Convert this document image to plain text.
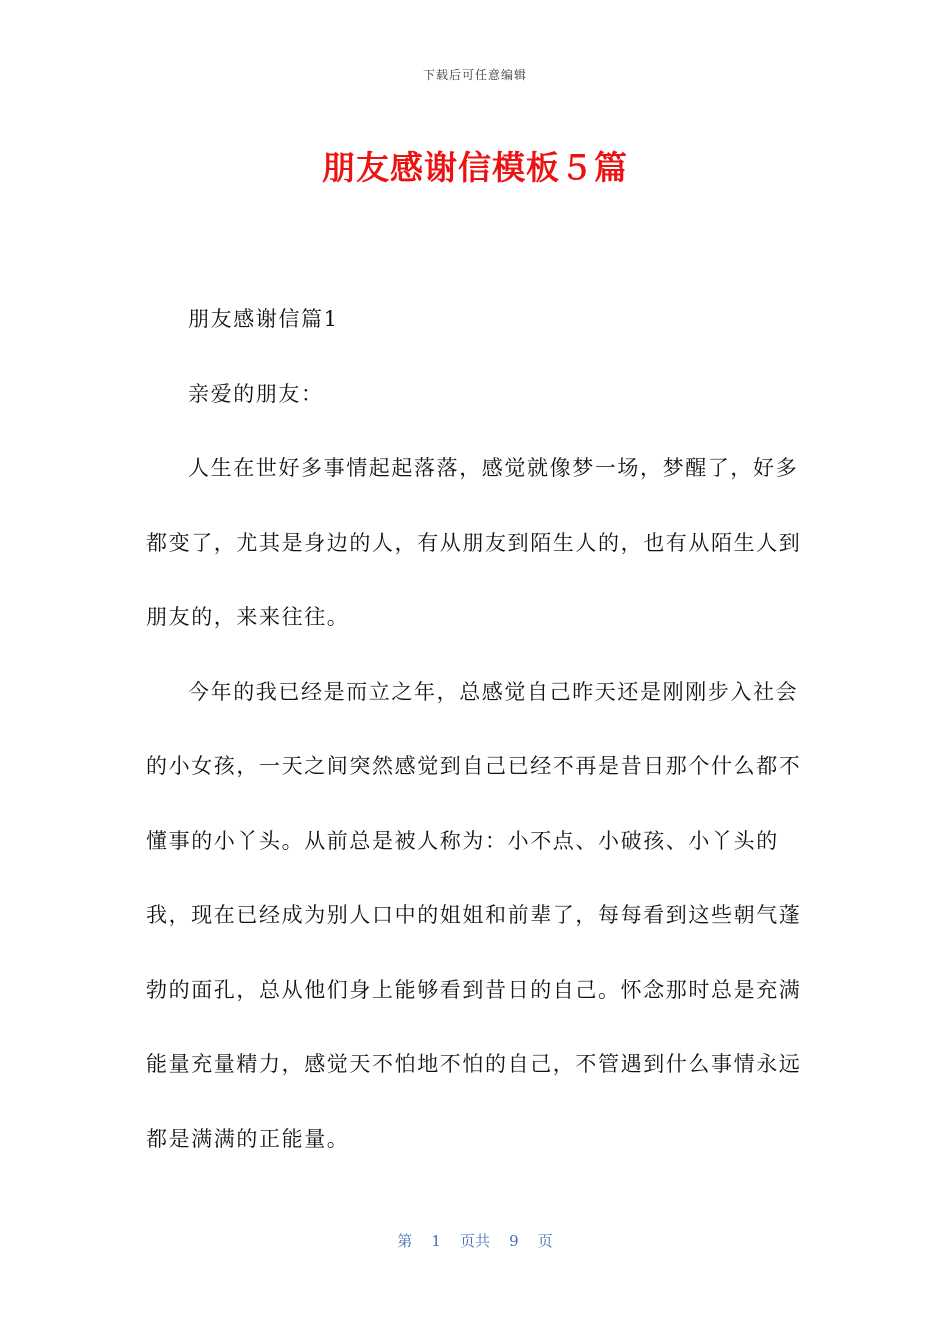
下载后可任意编辑
朋友感谢信模板５篇

朋友感谢信篇1

亲爱的朋友：

人生在世好多事情起起落落，感觉就像梦一场，梦醒了，好多都变了，尤其是身边的人，有从朋友到陌生人的，也有从陌生人到朋友的，来来往往。

今年的我已经是而立之年，总感觉自己昨天还是刚刚步入社会的小女孩，一天之间突然感觉到自己已经不再是昔日那个什么都不懂事的小丫头。从前总是被人称为：小不点、小破孩、小丫头的我，现在已经成为别人口中的姐姐和前辈了，每每看到这些朝气蓬勃的面孔，总从他们身上能够看到昔日的自己。怀念那时总是充满能量充量精力，感觉天不怕地不怕的自己，不管遇到什么事情永远都是满满的正能量。

第 1 页共 9 页
